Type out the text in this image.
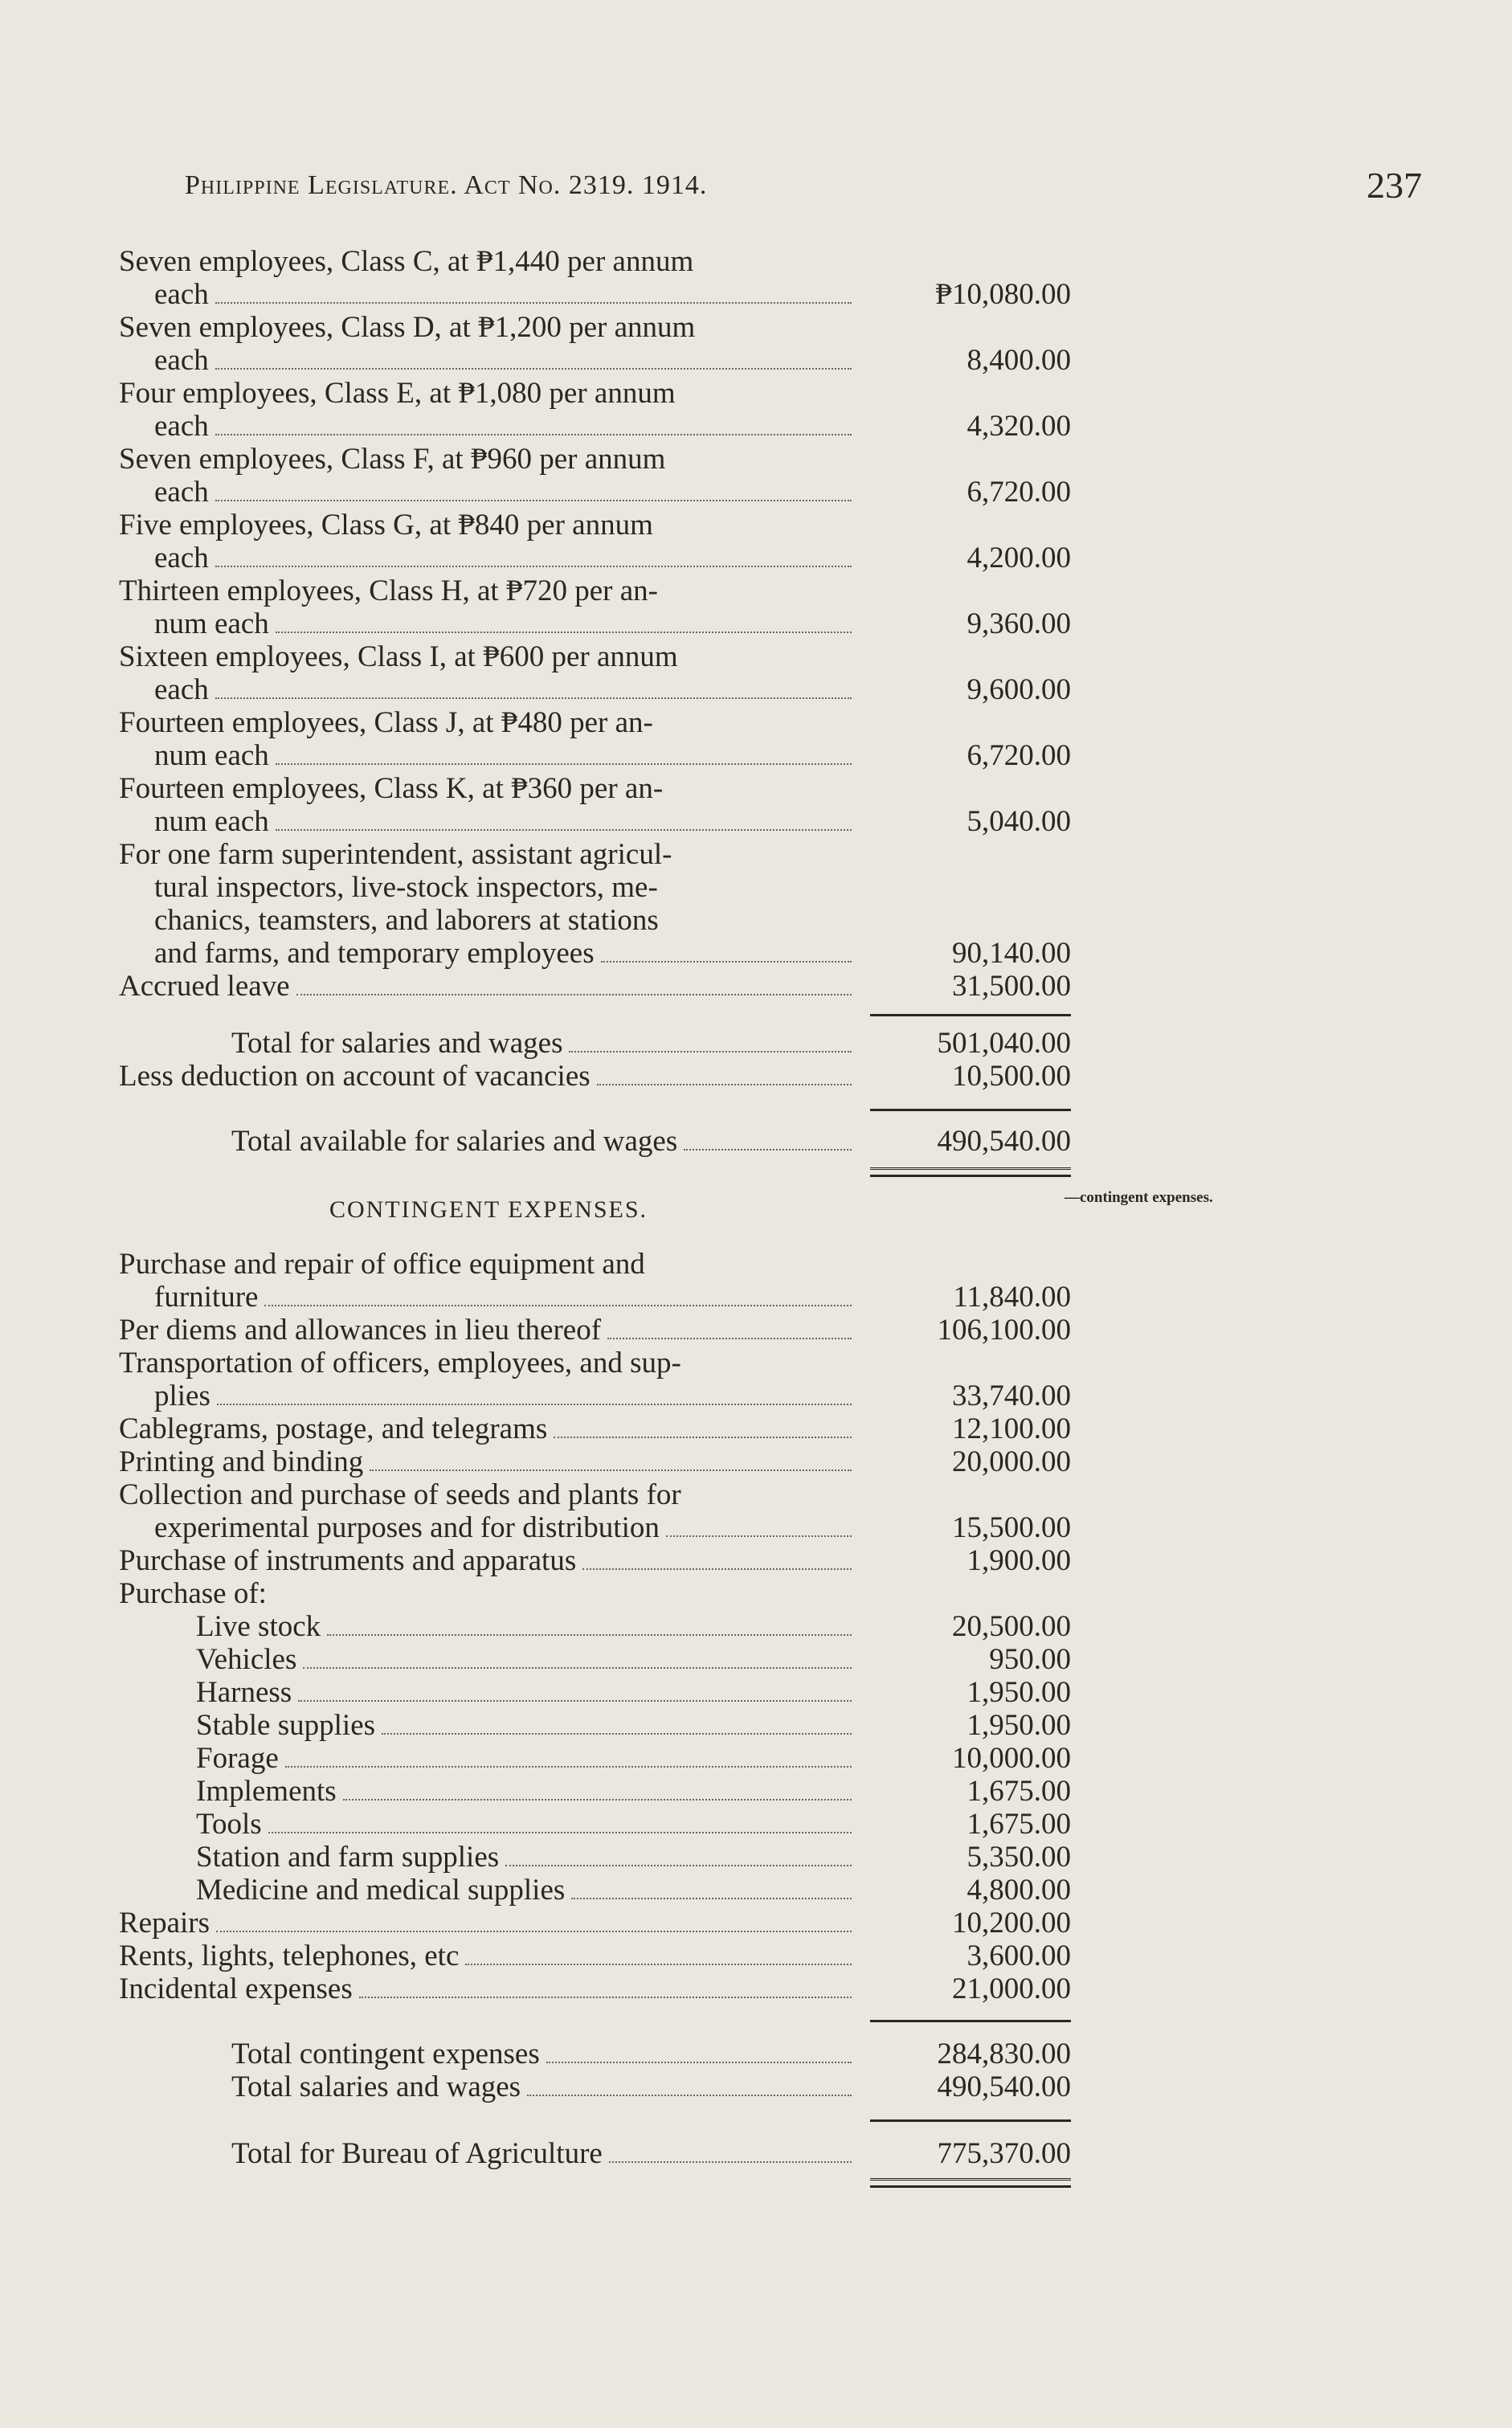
Philippine Legislature. Act No. 2319. 1914.	237
Seven employees, Class C, at ₱1,440 per annum
each	₱10,080.00
Seven employees, Class D, at ₱1,200 per annum
each	8,400.00
Four employees, Class E, at ₱1,080 per annum
each	4,320.00
Seven employees, Class F, at ₱960 per annum
each	6,720.00
Five employees, Class G, at ₱840 per annum
each	4,200.00
Thirteen employees, Class H, at ₱720 per an-
num each	9,360.00
Sixteen employees, Class I, at ₱600 per annum
each	9,600.00
Fourteen employees, Class J, at ₱480 per an-
num each	6,720.00
Fourteen employees, Class K, at ₱360 per an-
num each	5,040.00
For one farm superintendent, assistant agricul-
tural inspectors, live-stock inspectors, me-
chanics, teamsters, and laborers at stations
and farms, and temporary employees	90,140.00
Accrued leave	31,500.00
Total for salaries and wages	501,040.00
Less deduction on account of vacancies	10,500.00
Total available for salaries and wages	490,540.00
CONTINGENT EXPENSES.
Purchase and repair of office equipment and
furniture	11,840.00
Per diems and allowances in lieu thereof	106,100.00
Transportation of officers, employees, and sup-
plies	33,740.00
Cablegrams, postage, and telegrams	12,100.00
Printing and binding	20,000.00
Collection and purchase of seeds and plants for
experimental purposes and for distribution	15,500.00
Purchase of instruments and apparatus	1,900.00
Purchase of:
Live stock	20,500.00
Vehicles	950.00
Harness	1,950.00
Stable supplies	1,950.00
Forage	10,000.00
Implements	1,675.00
Tools	1,675.00
Station and farm supplies	5,350.00
Medicine and medical supplies	4,800.00
Repairs	10,200.00
Rents, lights, telephones, etc	3,600.00
Incidental expenses	21,000.00
Total contingent expenses	284,830.00
Total salaries and wages	490,540.00
Total for Bureau of Agriculture	775,370.00
—contingent expenses.
